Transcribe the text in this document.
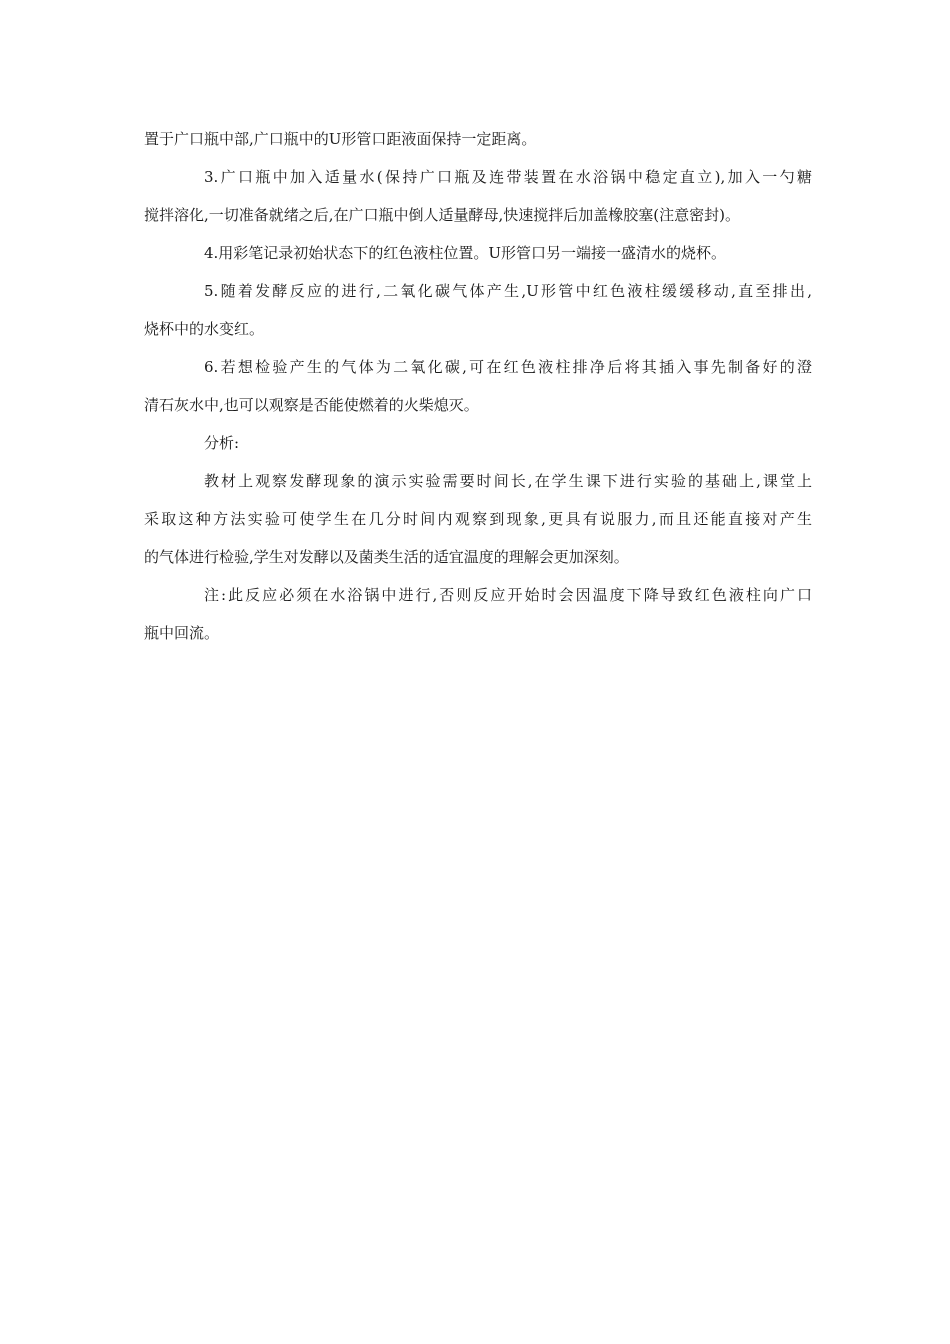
置于广口瓶中部,广口瓶中的U形管口距液面保持一定距离。
3.广口瓶中加入适量水(保持广口瓶及连带装置在水浴锅中稳定直立),加入一勺糖
搅拌溶化,一切准备就绪之后,在广口瓶中倒人适量酵母,快速搅拌后加盖橡胶塞(注意密封)。
4.用彩笔记录初始状态下的红色液柱位置。U形管口另一端接一盛清水的烧杯。
5.随着发酵反应的进行,二氧化碳气体产生,U形管中红色液柱缓缓移动,直至排出,
烧杯中的水变红。
6.若想检验产生的气体为二氧化碳,可在红色液柱排净后将其插入事先制备好的澄
清石灰水中,也可以观察是否能使燃着的火柴熄灭。
分析:
教材上观察发酵现象的演示实验需要时间长,在学生课下进行实验的基础上,课堂上
采取这种方法实验可使学生在几分时间内观察到现象,更具有说服力,而且还能直接对产生
的气体进行检验,学生对发酵以及菌类生活的适宜温度的理解会更加深刻。
注:此反应必须在水浴锅中进行,否则反应开始时会因温度下降导致红色液柱向广口
瓶中回流。
